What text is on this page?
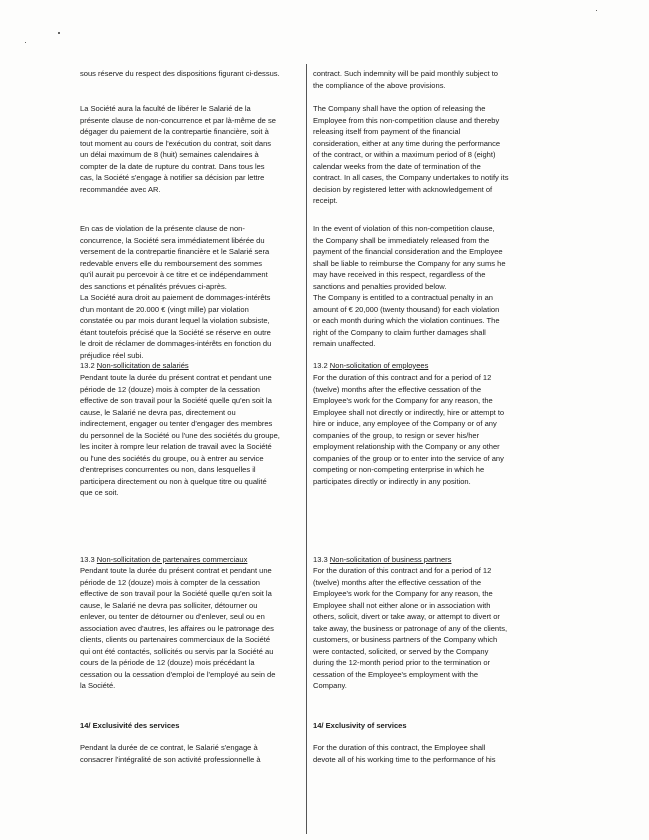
sous réserve du respect des dispositions figurant ci-dessus.

La Société aura la faculté de libérer le Salarié de la
présente clause de non-concurrence et par là-même de se
dégager du paiement de la contrepartie financière, soit à
tout moment au cours de l'exécution du contrat, soit dans
un délai maximum de 8 (huit) semaines calendaires à
compter de la date de rupture du contrat. Dans tous les
cas, la Société s'engage à notifier sa décision par lettre
recommandée avec AR.

En cas de violation de la présente clause de non-
concurrence, la Société sera immédiatement libérée du
versement de la contrepartie financière et le Salarié sera
redevable envers elle du remboursement des sommes
qu'il aurait pu percevoir à ce titre et ce indépendamment
des sanctions et pénalités prévues ci-après.
La Société aura droit au paiement de dommages-intérêts
d'un montant de 20.000 € (vingt mille) par violation
constatée ou par mois durant lequel la violation subsiste,
étant toutefois précisé que la Société se réserve en outre
le droit de réclamer de dommages-intérêts en fonction du
préjudice réel subi.

13.2 Non-sollicitation de salariés

Pendant toute la durée du présent contrat et pendant une
période de 12 (douze) mois à compter de la cessation
effective de son travail pour la Société quelle qu'en soit la
cause, le Salarié ne devra pas, directement ou
indirectement, engager ou tenter d'engager des membres
du personnel de la Société ou l'une des sociétés du groupe,
les inciter à rompre leur relation de travail avec la Société
ou l'une des sociétés du groupe, ou à entrer au service
d'entreprises concurrentes ou non, dans lesquelles il
participera directement ou non à quelque titre ou qualité
que ce soit.

13.3 Non-sollicitation de partenaires commerciaux

Pendant toute la durée du présent contrat et pendant une
période de 12 (douze) mois à compter de la cessation
effective de son travail pour la Société quelle qu'en soit la
cause, le Salarié ne devra pas solliciter, détourner ou
enlever, ou tenter de détourner ou d'enlever, seul ou en
association avec d'autres, les affaires ou le patronage des
clients, clients ou partenaires commerciaux de la Société
qui ont été contactés, sollicités ou servis par la Société au
cours de la période de 12 (douze) mois précédant la
cessation ou la cessation d'emploi de l'employé au sein de
la Société.

14/ Exclusivité des services

Pendant la durée de ce contrat, le Salarié s'engage à
consacrer l'intégralité de son activité professionnelle à

contract. Such indemnity will be paid monthly subject to
the compliance of the above provisions.

The Company shall have the option of releasing the
Employee from this non-competition clause and thereby
releasing itself from payment of the financial
consideration, either at any time during the performance
of the contract, or within a maximum period of 8 (eight)
calendar weeks from the date of termination of the
contract. In all cases, the Company undertakes to notify its
decision by registered letter with acknowledgement of
receipt.

In the event of violation of this non-competition clause,
the Company shall be immediately released from the
payment of the financial consideration and the Employee
shall be liable to reimburse the Company for any sums he
may have received in this respect, regardless of the
sanctions and penalties provided below.
The Company is entitled to a contractual penalty in an
amount of € 20,000 (twenty thousand) for each violation
or each month during which the violation continues. The
right of the Company to claim further damages shall
remain unaffected.

13.2 Non-solicitation of employees

For the duration of this contract and for a period of 12
(twelve) months after the effective cessation of the
Employee's work for the Company for any reason, the
Employee shall not directly or indirectly, hire or attempt to
hire or induce, any employee of the Company or of any
companies of the group, to resign or sever his/her
employment relationship with the Company or any other
companies of the group or to enter into the service of any
competing or non-competing enterprise in which he
participates directly or indirectly in any position.

13.3 Non-solicitation of business partners

For the duration of this contract and for a period of 12
(twelve) months after the effective cessation of the
Employee's work for the Company for any reason, the
Employee shall not either alone or in association with
others, solicit, divert or take away, or attempt to divert or
take away, the business or patronage of any of the clients,
customers, or business partners of the Company which
were contacted, solicited, or served by the Company
during the 12-month period prior to the termination or
cessation of the Employee's employment with the
Company.

14/ Exclusivity of services

For the duration of this contract, the Employee shall
devote all of his working time to the performance of his
